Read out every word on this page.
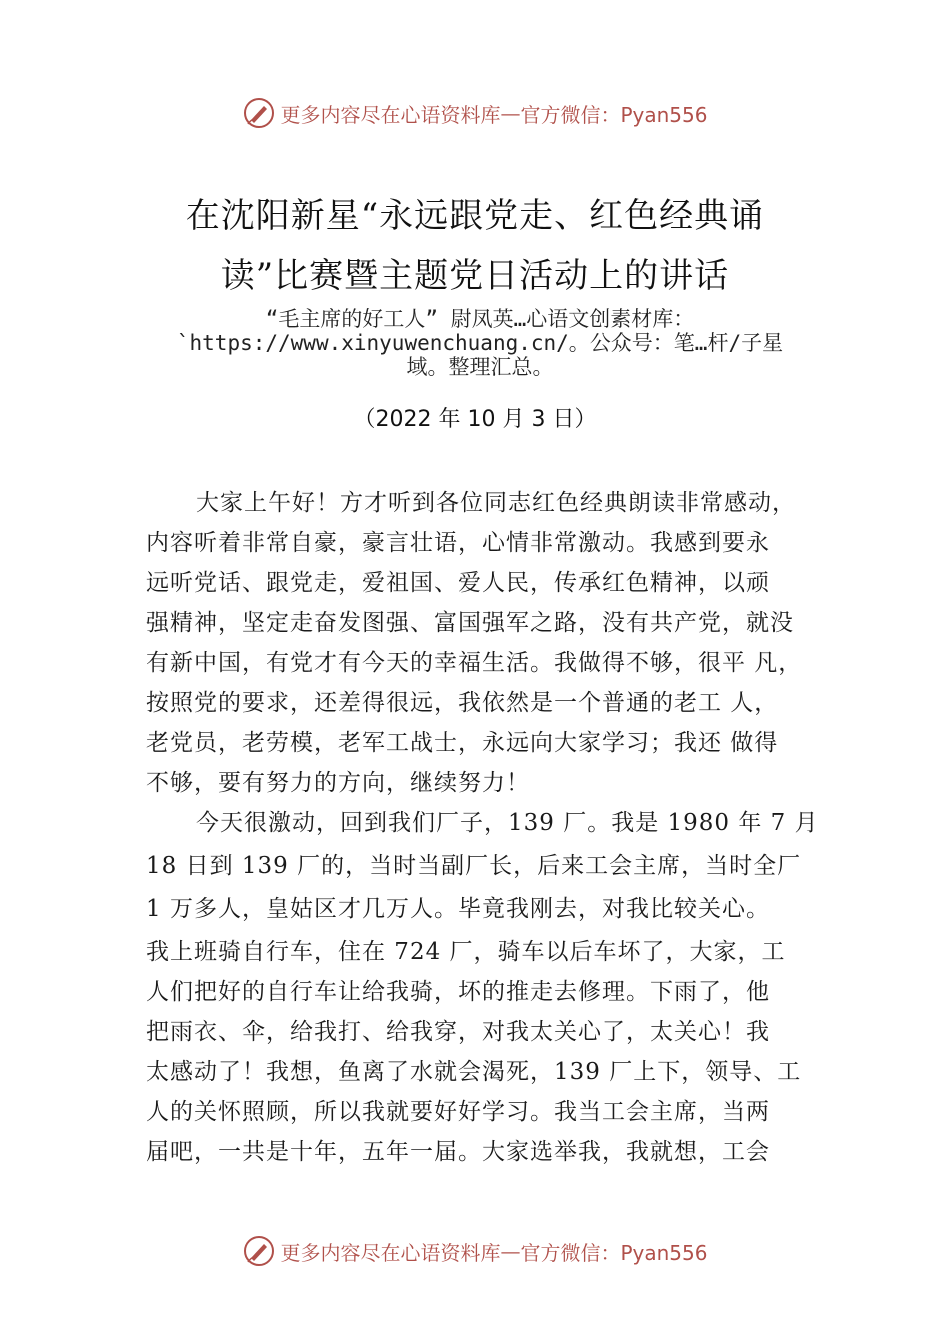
更多内容尽在心语资料库 — 官方微信：Pyan556
在沈阳新星“永远跟党走、红色经典诵
读”比赛暨主题党日活动上的讲话
“毛主席的好工人” 尉凤英…心语文创素材库：
`https://www.xinyuwenchuang.cn/。公众号：笔…杆/子星
域。整理汇总。
（2022 年 10 月 3 日）
大家上午好！方才听到各位同志红色经典朗读非常感动，
内容听着非常自豪，豪言壮语，心情非常激动。我感到要永
远听党话、跟党走，爱祖国、爱人民，传承红色精神，以顽
强精神，坚定走奋发图强、富国强军之路，没有共产党，就没
有新中国，有党才有今天的幸福生活。我做得不够，很平 凡，
按照党的要求，还差得很远，我依然是一个普通的老工 人，
老党员，老劳模，老军工战士，永远向大家学习；我还 做得
不够，要有努力的方向，继续努力！
今天很激动，回到我们厂子，139 厂。我是 1980 年 7 月
18 日到 139 厂的，当时当副厂长，后来工会主席，当时全厂
1 万多人，皇姑区才几万人。毕竟我刚去，对我比较关心。
我上班骑自行车，住在 724 厂，骑车以后车坏了，大家，工
人们把好的自行车让给我骑，坏的推走去修理。下雨了，他
把雨衣、伞，给我打、给我穿，对我太关心了，太关心！我
太感动了！我想，鱼离了水就会渴死，139 厂上下，领导、工
人的关怀照顾，所以我就要好好学习。我当工会主席，当两
届吧，一共是十年，五年一届。大家选举我，我就想，工会
更多内容尽在心语资料库 — 官方微信：Pyan556
